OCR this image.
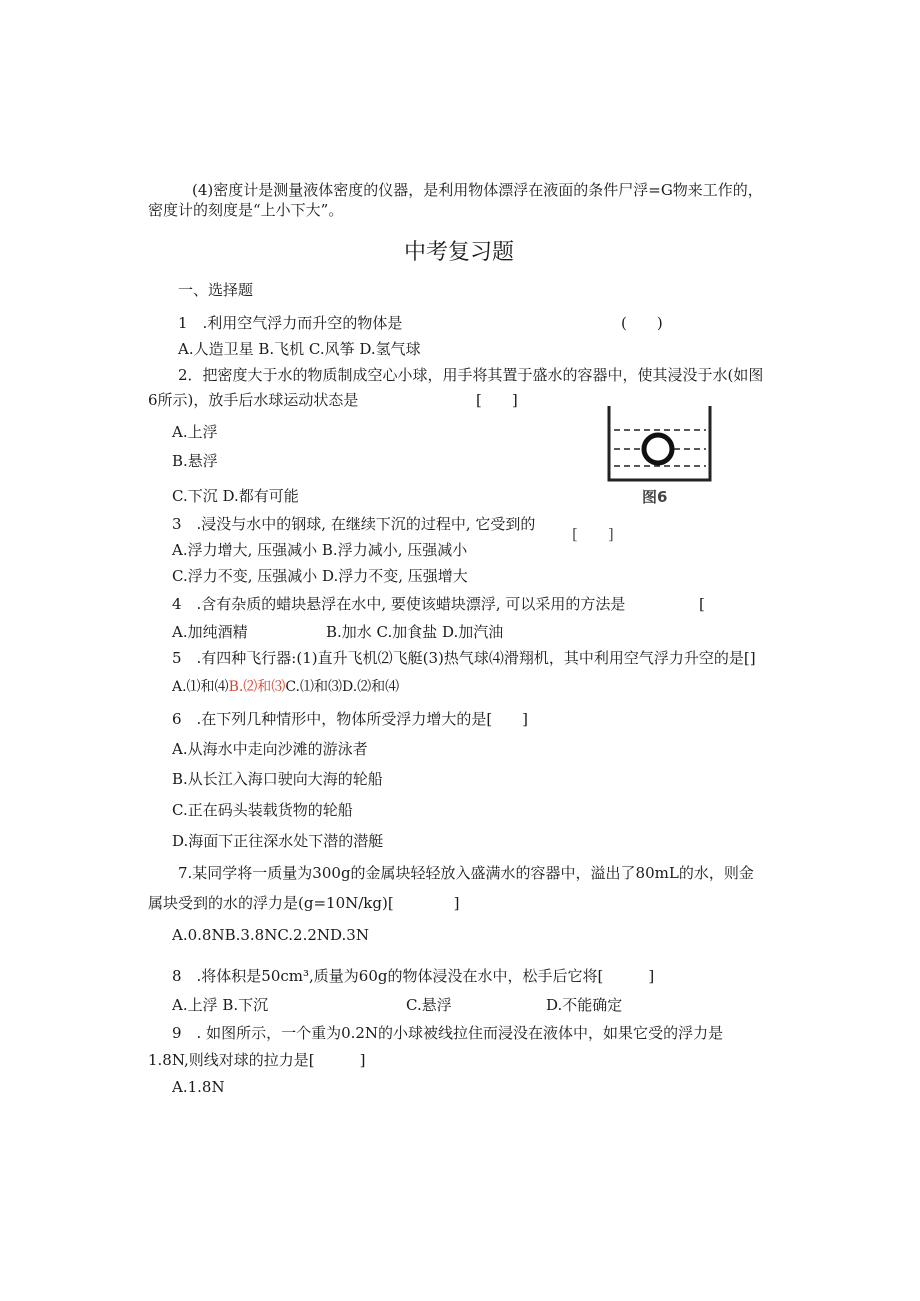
(4)密度计是测量液体密度的仪器，是利用物体漂浮在液面的条件尸浮=G物来工作的，
密度计的刻度是“上小下大”。
中考复习题
一、选择题
1　.利用空气浮力而升空的物体是	(　　)
A.人造卫星 B.飞机 C.风筝 D.氢气球
2．把密度大于水的物质制成空心小球，用手将其置于盛水的容器中，使其浸没于水(如图
6所示)，放手后水球运动状态是	[　　]
A.上浮
B.悬浮
C.下沉 D.都有可能	图6
3　.浸没与水中的钢球, 在继续下沉的过程中, 它受到的
[　　]
A.浮力增大, 压强减小 B.浮力减小, 压强减小
C.浮力不变, 压强减小 D.浮力不变, 压强增大
4　.含有杂质的蜡块悬浮在水中, 要使该蜡块漂浮, 可以采用的方法是	[
A.加纯酒精	B.加水 C.加食盐 D.加汽油
5　.有四种飞行器:(1)直升飞机⑵飞艇(3)热气球⑷滑翔机，其中利用空气浮力升空的是[]
A.⑴和⑷B.⑵和⑶C.⑴和⑶D.⑵和⑷
6　.在下列几种情形中，物体所受浮力增大的是[　　]
A.从海水中走向沙滩的游泳者
B.从长江入海口驶向大海的轮船
C.正在码头装载货物的轮船
D.海面下正往深水处下潜的潜艇
7.某同学将一质量为300g的金属块轻轻放入盛满水的容器中，溢出了80mL的水，则金
属块受到的水的浮力是(g=10N/kg)[　　　　]
A.0.8NB.3.8NC.2.2ND.3N
8　.将体积是50cm³,质量为60g的物体浸没在水中，松手后它将[　　　]
A.上浮 B.下沉	C.悬浮	D.不能确定
9　. 如图所示，一个重为0.2N的小球被线拉住而浸没在液体中，如果它受的浮力是
1.8N,则线对球的拉力是[　　　]
A.1.8N
